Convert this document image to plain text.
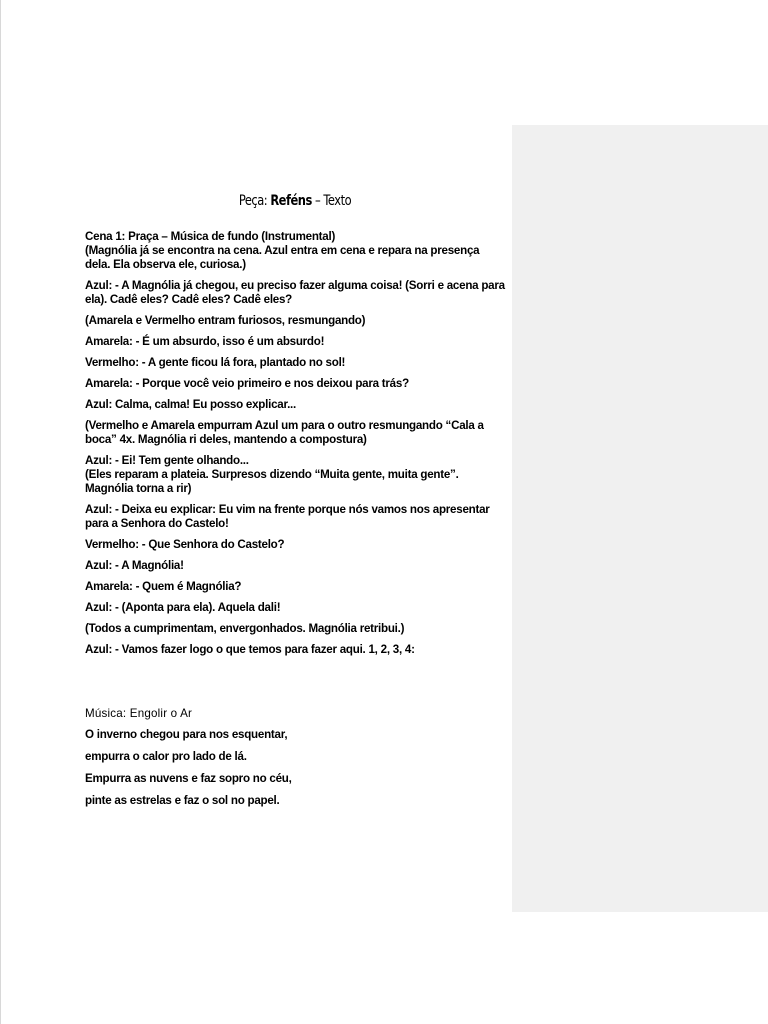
Peça: Reféns – Texto

Cena 1: Praça – Música de fundo (Instrumental)

(Magnólia já se encontra na cena. Azul entra em cena e repara na presença dela. Ela observa ele, curiosa.)

Azul: - A Magnólia já chegou, eu preciso fazer alguma coisa! (Sorri e acena para ela). Cadê eles? Cadê eles? Cadê eles?

(Amarela e Vermelho entram furiosos, resmungando)

Amarela: - É um absurdo, isso é um absurdo!

Vermelho: - A gente ficou lá fora, plantado no sol!

Amarela: - Porque você veio primeiro e nos deixou para trás?

Azul: Calma, calma! Eu posso explicar...

(Vermelho e Amarela empurram Azul um para o outro resmungando “Cala a boca” 4x. Magnólia ri deles, mantendo a compostura)

Azul: - Ei! Tem gente olhando...

(Eles reparam a plateia. Surpresos dizendo “Muita gente, muita gente”. Magnólia torna a rir)

Azul: - Deixa eu explicar: Eu vim na frente porque nós vamos nos apresentar para a Senhora do Castelo!

Vermelho: - Que Senhora do Castelo?

Azul: - A Magnólia!

Amarela: - Quem é Magnólia?

Azul: - (Aponta para ela). Aquela dali!

(Todos a cumprimentam, envergonhados. Magnólia retribui.)

Azul: - Vamos fazer logo o que temos para fazer aqui. 1, 2, 3, 4:

Música: Engolir o Ar

O inverno chegou para nos esquentar,

empurra o calor pro lado de lá.

Empurra as nuvens e faz sopro no céu,

pinte as estrelas e faz o sol no papel.
